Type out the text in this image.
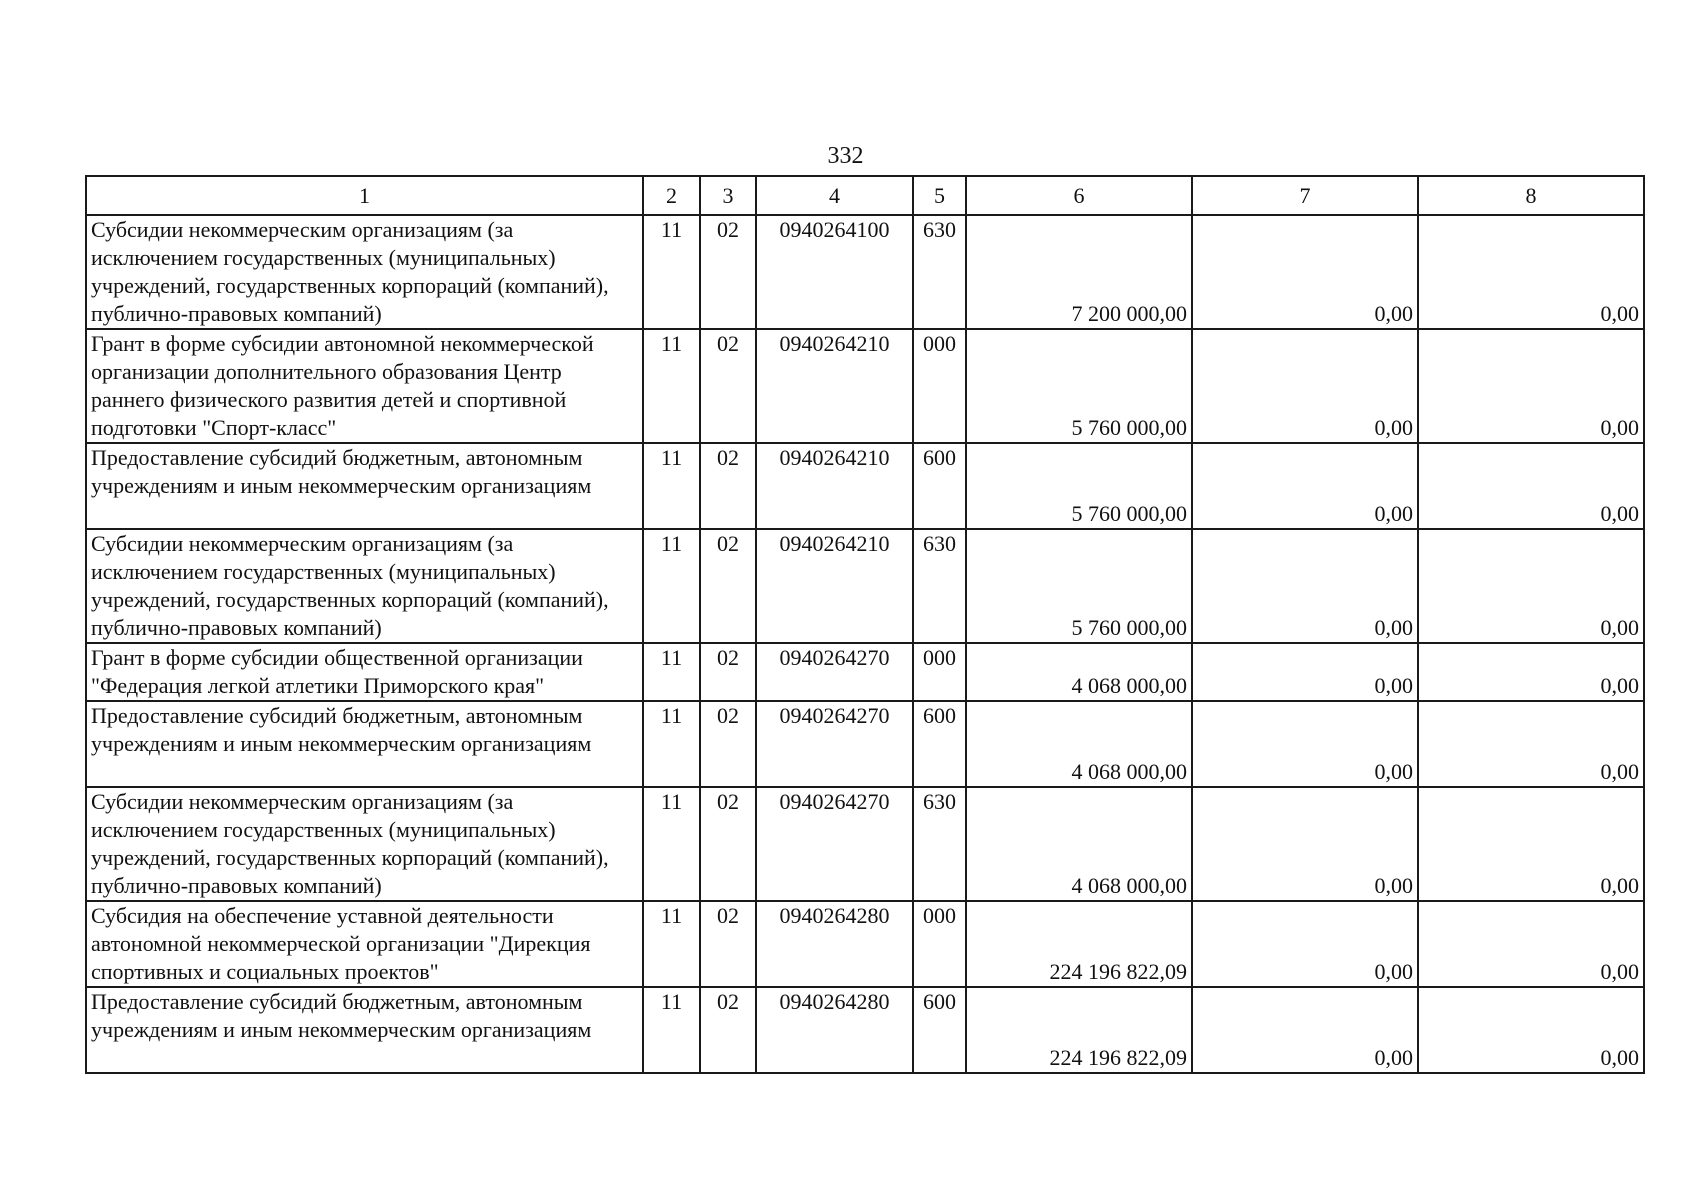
332
1	2	3	4	5	6	7	8
Субсидии некоммерческим организациям (за исключением государственных (муниципальных) учреждений, государственных корпораций (компаний), публично-правовых компаний)	11	02	0940264100	630	7 200 000,00	0,00	0,00
Грант в форме субсидии автономной некоммерческой организации дополнительного образования Центр раннего физического развития детей и спортивной подготовки "Спорт-класс"	11	02	0940264210	000	5 760 000,00	0,00	0,00
Предоставление субсидий бюджетным, автономным учреждениям и иным некоммерческим организациям	11	02	0940264210	600	5 760 000,00	0,00	0,00
Субсидии некоммерческим организациям (за исключением государственных (муниципальных) учреждений, государственных корпораций (компаний), публично-правовых компаний)	11	02	0940264210	630	5 760 000,00	0,00	0,00
Грант в форме субсидии общественной организации "Федерация легкой атлетики Приморского края"	11	02	0940264270	000	4 068 000,00	0,00	0,00
Предоставление субсидий бюджетным, автономным учреждениям и иным некоммерческим организациям	11	02	0940264270	600	4 068 000,00	0,00	0,00
Субсидии некоммерческим организациям (за исключением государственных (муниципальных) учреждений, государственных корпораций (компаний), публично-правовых компаний)	11	02	0940264270	630	4 068 000,00	0,00	0,00
Субсидия на обеспечение уставной деятельности автономной некоммерческой организации "Дирекция спортивных и социальных проектов"	11	02	0940264280	000	224 196 822,09	0,00	0,00
Предоставление субсидий бюджетным, автономным учреждениям и иным некоммерческим организациям	11	02	0940264280	600	224 196 822,09	0,00	0,00
